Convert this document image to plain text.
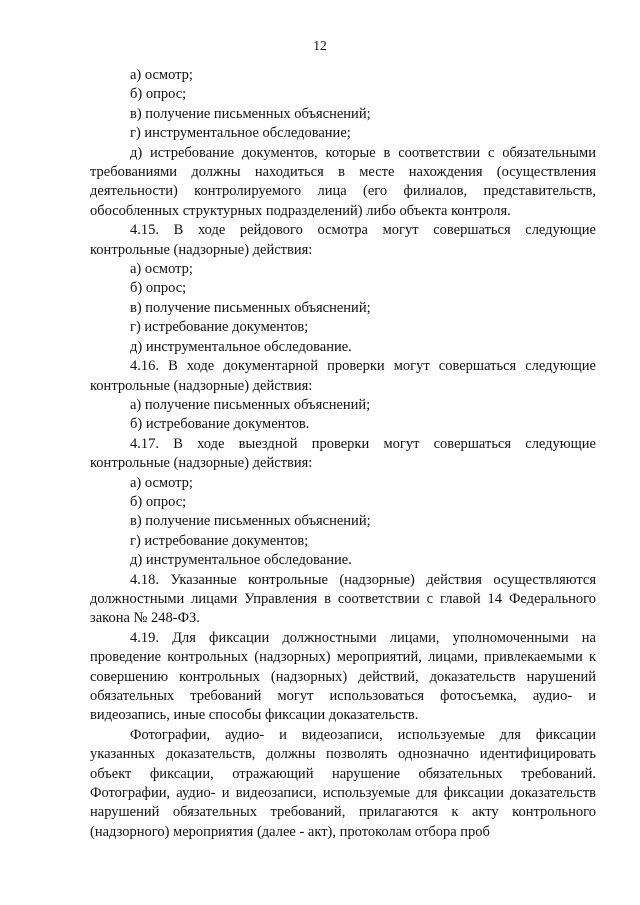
12

а) осмотр;

б) опрос;

в) получение письменных объяснений;

г) инструментальное обследование;

д) истребование документов, которые в соответствии с обязательными требованиями должны находиться в месте нахождения (осуществления деятельности) контролируемого лица (его филиалов, представительств, обособленных структурных подразделений) либо объекта контроля.

4.15. В ходе рейдового осмотра могут совершаться следующие контрольные (надзорные) действия:

а) осмотр;

б) опрос;

в) получение письменных объяснений;

г) истребование документов;

д) инструментальное обследование.

4.16. В ходе документарной проверки могут совершаться следующие контрольные (надзорные) действия:

а) получение письменных объяснений;

б) истребование документов.

4.17. В ходе выездной проверки могут совершаться следующие контрольные (надзорные) действия:

а) осмотр;

б) опрос;

в) получение письменных объяснений;

г) истребование документов;

д) инструментальное обследование.

4.18. Указанные контрольные (надзорные) действия осуществляются должностными лицами Управления в соответствии с главой 14 Федерального закона № 248-ФЗ.

4.19. Для фиксации должностными лицами, уполномоченными на проведение контрольных (надзорных) мероприятий, лицами, привлекаемыми к совершению контрольных (надзорных) действий, доказательств нарушений обязательных требований могут использоваться фотосъемка, аудио- и видеозапись, иные способы фиксации доказательств.

Фотографии, аудио- и видеозаписи, используемые для фиксации указанных доказательств, должны позволять однозначно идентифицировать объект фиксации, отражающий нарушение обязательных требований. Фотографии, аудио- и видеозаписи, используемые для фиксации доказательств нарушений обязательных требований, прилагаются к акту контрольного (надзорного) мероприятия (далее - акт), протоколам отбора проб
